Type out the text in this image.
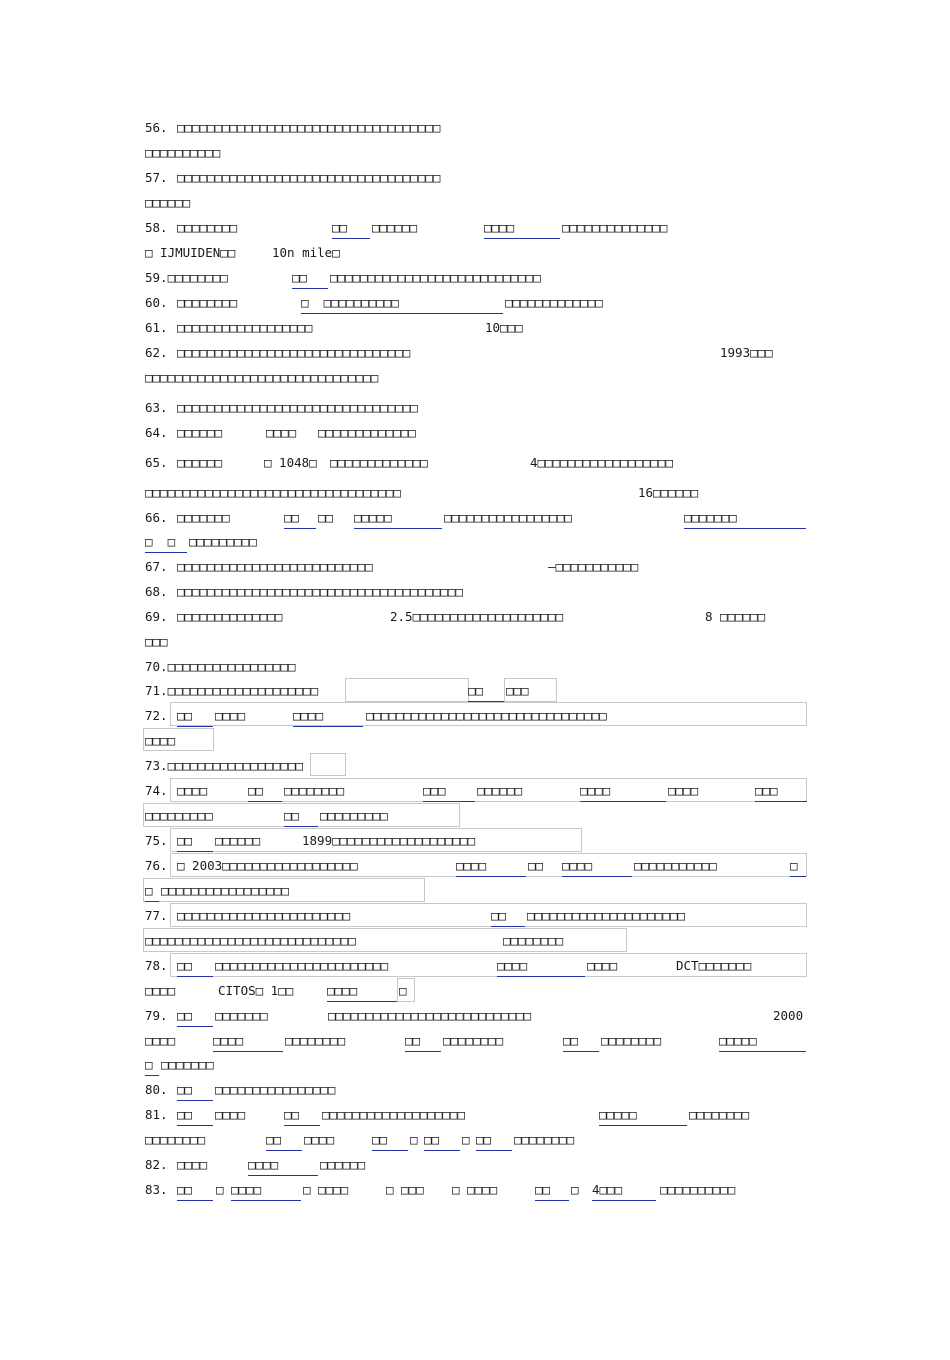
56.

□□□□□□□□□□□□□□□□□□□□□□□□□□□□□□□□□□□

□□□□□□□□□□

57.

□□□□□□□□□□□□□□□□□□□□□□□□□□□□□□□□□□□

□□□□□□

58.

□□□□□□□□

	□□

	□□□□□□

	□□□□

	□□□□□□□□□□□□□□

□ IJMUIDEN□□

	10n mile□

59.□□□□□□□□

	□□

	□□□□□□□□□□□□□□□□□□□□□□□□□□□□

60.

□□□□□□□□

	□ □□□□□□□□□□

	□□□□□□□□□□□□□

61.

□□□□□□□□□□□□□□□□□□

	10□□□

62.

□□□□□□□□□□□□□□□□□□□□□□□□□□□□□□□

	1993□□□

□□□□□□□□□□□□□□□□□□□□□□□□□□□□□□□

63.

□□□□□□□□□□□□□□□□□□□□□□□□□□□□□□□□

64.

□□□□□□

	□□□□

□□□□□□□□□□□□□

65.

□□□□□□

	□ 1048□

□□□□□□□□□□□□□

	4□□□□□□□□□□□□□□□□□□

□□□□□□□□□□□□□□□□□□□□□□□□□□□□□□□□□□

	16□□□□□□

66.

□□□□□□□

	□□

	□□

□□□□□

	□□□□□□□□□□□□□□□□□

	□□□□□□□

□ □

	□□□□□□□□□

67.

□□□□□□□□□□□□□□□□□□□□□□□□□□

	—□□□□□□□□□□□

68.

□□□□□□□□□□□□□□□□□□□□□□□□□□□□□□□□□□□□□□

69.

□□□□□□□□□□□□□□

	2.5□□□□□□□□□□□□□□□□□□□□

	8 □□□□□□

□□□

70.□□□□□□□□□□□□□□□□□

71.□□□□□□□□□□□□□□□□□□□□

	□□

	□□□

72.

□□

	□□□□

	□□□□

	□□□□□□□□□□□□□□□□□□□□□□□□□□□□□□□□

□□□□

73.□□□□□□□□□□□□□□□□□□

74.

□□□□

	□□

	□□□□□□□□

	□□□

	□□□□□□

	□□□□

	□□□□

	□□□

□□□□□□□□□

	□□

	□□□□□□□□□

75.

□□

	□□□□□□

	1899□□□□□□□□□□□□□□□□□□□

76.

□ 2003□□□□□□□□□□□□□□□□□□

	□□□□

	□□

□□□□

	□□□□□□□□□□□

	□

□

□□□□□□□□□□□□□□□□□

77.

□□□□□□□□□□□□□□□□□□□□□□□

	□□

	□□□□□□□□□□□□□□□□□□□□□

□□□□□□□□□□□□□□□□□□□□□□□□□□□□

	□□□□□□□□

78.

□□

	□□□□□□□□□□□□□□□□□□□□□□□

	□□□□

	□□□□

	DCT□□□□□□□

□□□□

	CITOS□ 1□□

	□□□□

	□

79.

□□

	□□□□□□□

	□□□□□□□□□□□□□□□□□□□□□□□□□□□

	2000

□□□□

	□□□□

	□□□□□□□□

	□□

	□□□□□□□□

	□□

	□□□□□□□□

	□□□□□

□

□□□□□□□

80.

□□

	□□□□□□□□□□□□□□□□

81.

□□

	□□□□

	□□

	□□□□□□□□□□□□□□□□□□□

	□□□□□

	□□□□□□□□

□□□□□□□□

	□□

	□□□□

	□□

	□

□□

	□

□□

	□□□□□□□□

82.

□□□□

	□□□□

	□□□□□□

83.

□□

	□

□□□□

	□ □□□□

	□ □□□

□ □□□□

	□□

	□

4□□□

	□□□□□□□□□□
